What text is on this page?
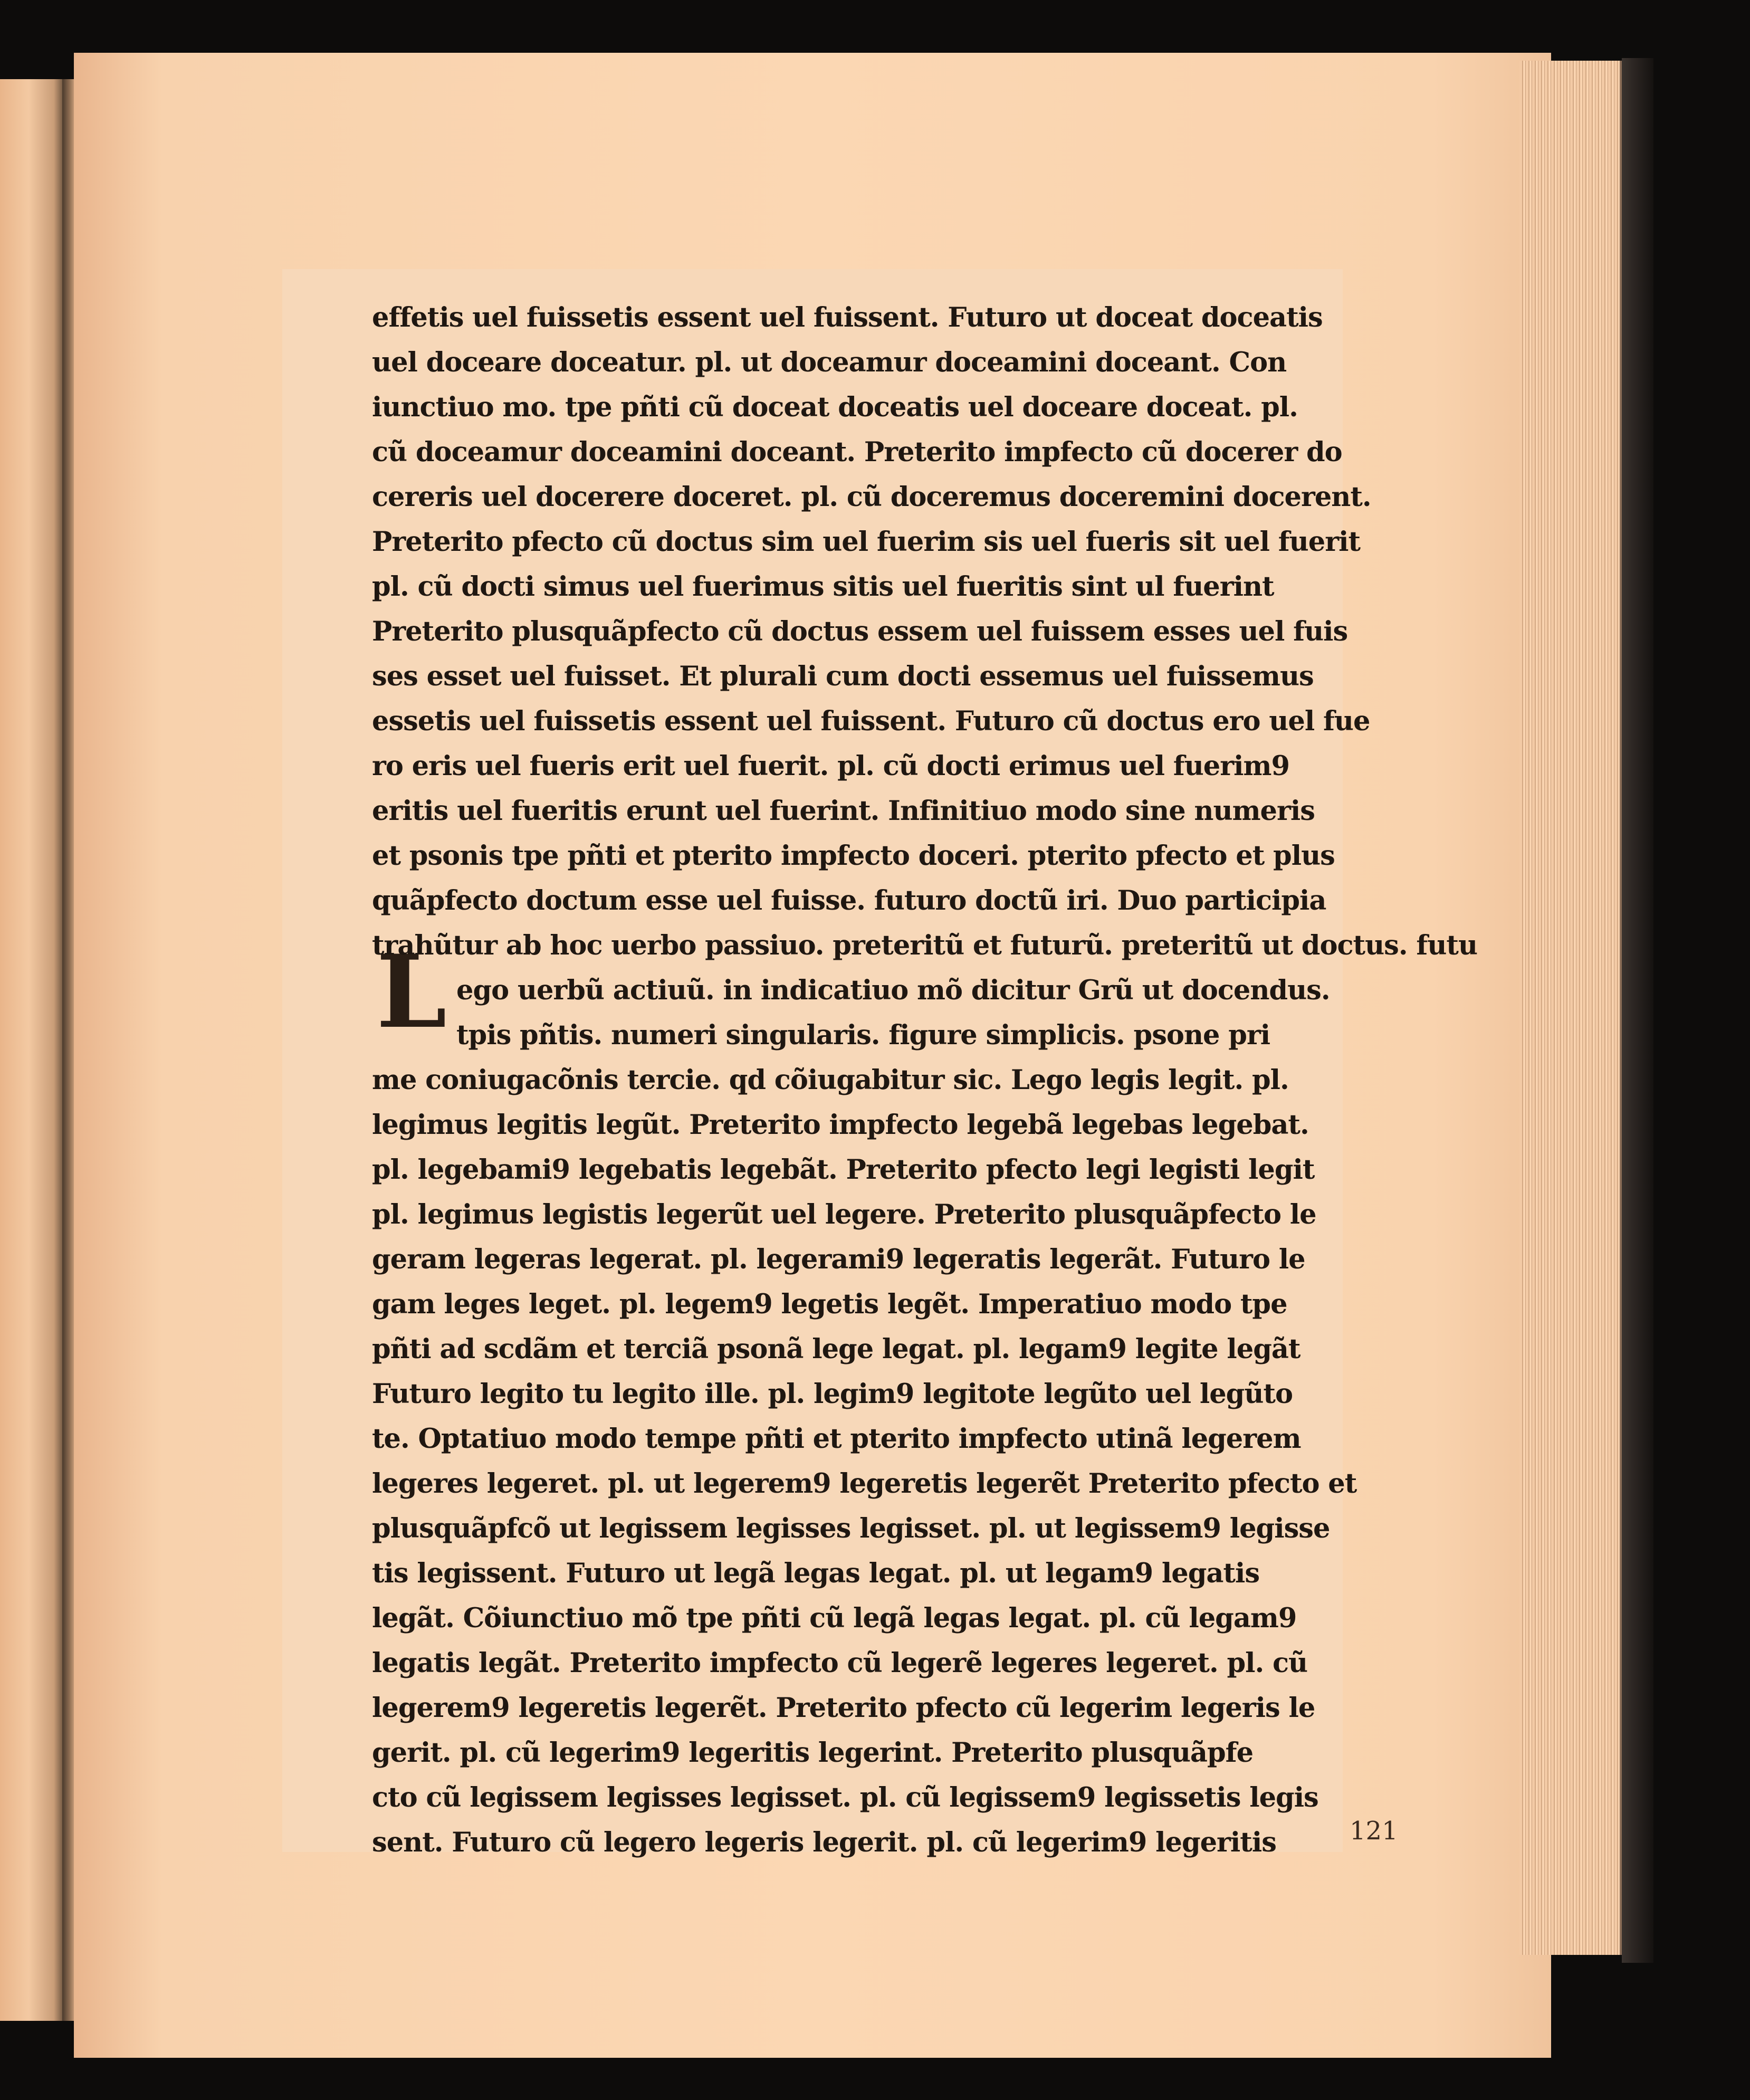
L
effetis uel fuissetis essent uel fuissent. Futuro ut doceat doceatis
uel doceare doceatur. pl. ut doceamur doceamini doceant. Con
iunctiuo mo. tpe pñti cũ doceat doceatis uel doceare doceat. pl.
cũ doceamur doceamini doceant. Preterito impfecto cũ docerer do
cereris uel docerere doceret. pl. cũ doceremus doceremini docerent.
Preterito pfecto cũ doctus sim uel fuerim sis uel fueris sit uel fuerit
pl. cũ docti simus uel fuerimus sitis uel fueritis sint ul fuerint
Preterito plusquãpfecto cũ doctus essem uel fuissem esses uel fuis
ses esset uel fuisset. Et plurali cum docti essemus uel fuissemus
essetis uel fuissetis essent uel fuissent. Futuro cũ doctus ero uel fue
ro eris uel fueris erit uel fuerit. pl. cũ docti erimus uel fuerim9
eritis uel fueritis erunt uel fuerint. Infinitiuo modo sine numeris
et psonis tpe pñti et pterito impfecto doceri. pterito pfecto et plus
quãpfecto doctum esse uel fuisse. futuro doctũ iri. Duo participia
trahũtur ab hoc uerbo passiuo. preteritũ et futurũ. preteritũ ut doctus. futu
ego uerbũ actiuũ. in indicatiuo mõ dicitur Grũ ut docendus.
tpis pñtis. numeri singularis. figure simplicis. psone pri
me coniugacõnis tercie. qd cõiugabitur sic. Lego legis legit. pl.
legimus legitis legũt. Preterito impfecto legebã legebas legebat.
pl. legebami9 legebatis legebãt. Preterito pfecto legi legisti legit
pl. legimus legistis legerũt uel legere. Preterito plusquãpfecto le
geram legeras legerat. pl. legerami9 legeratis legerãt. Futuro le
gam leges leget. pl. legem9 legetis legẽt. Imperatiuo modo tpe
pñti ad scdãm et terciã psonã lege legat. pl. legam9 legite legãt
Futuro legito tu legito ille. pl. legim9 legitote legũto uel legũto
te. Optatiuo modo tempe pñti et pterito impfecto utinã legerem
legeres legeret. pl. ut legerem9 legeretis legerẽt Preterito pfecto et
plusquãpfcõ ut legissem legisses legisset. pl. ut legissem9 legisse
tis legissent. Futuro ut legã legas legat. pl. ut legam9 legatis
legãt. Cõiunctiuo mõ tpe pñti cũ legã legas legat. pl. cũ legam9
legatis legãt. Preterito impfecto cũ legerẽ legeres legeret. pl. cũ
legerem9 legeretis legerẽt. Preterito pfecto cũ legerim legeris le
gerit. pl. cũ legerim9 legeritis legerint. Preterito plusquãpfe
cto cũ legissem legisses legisset. pl. cũ legissem9 legissetis legis
sent. Futuro cũ legero legeris legerit. pl. cũ legerim9 legeritis	121
